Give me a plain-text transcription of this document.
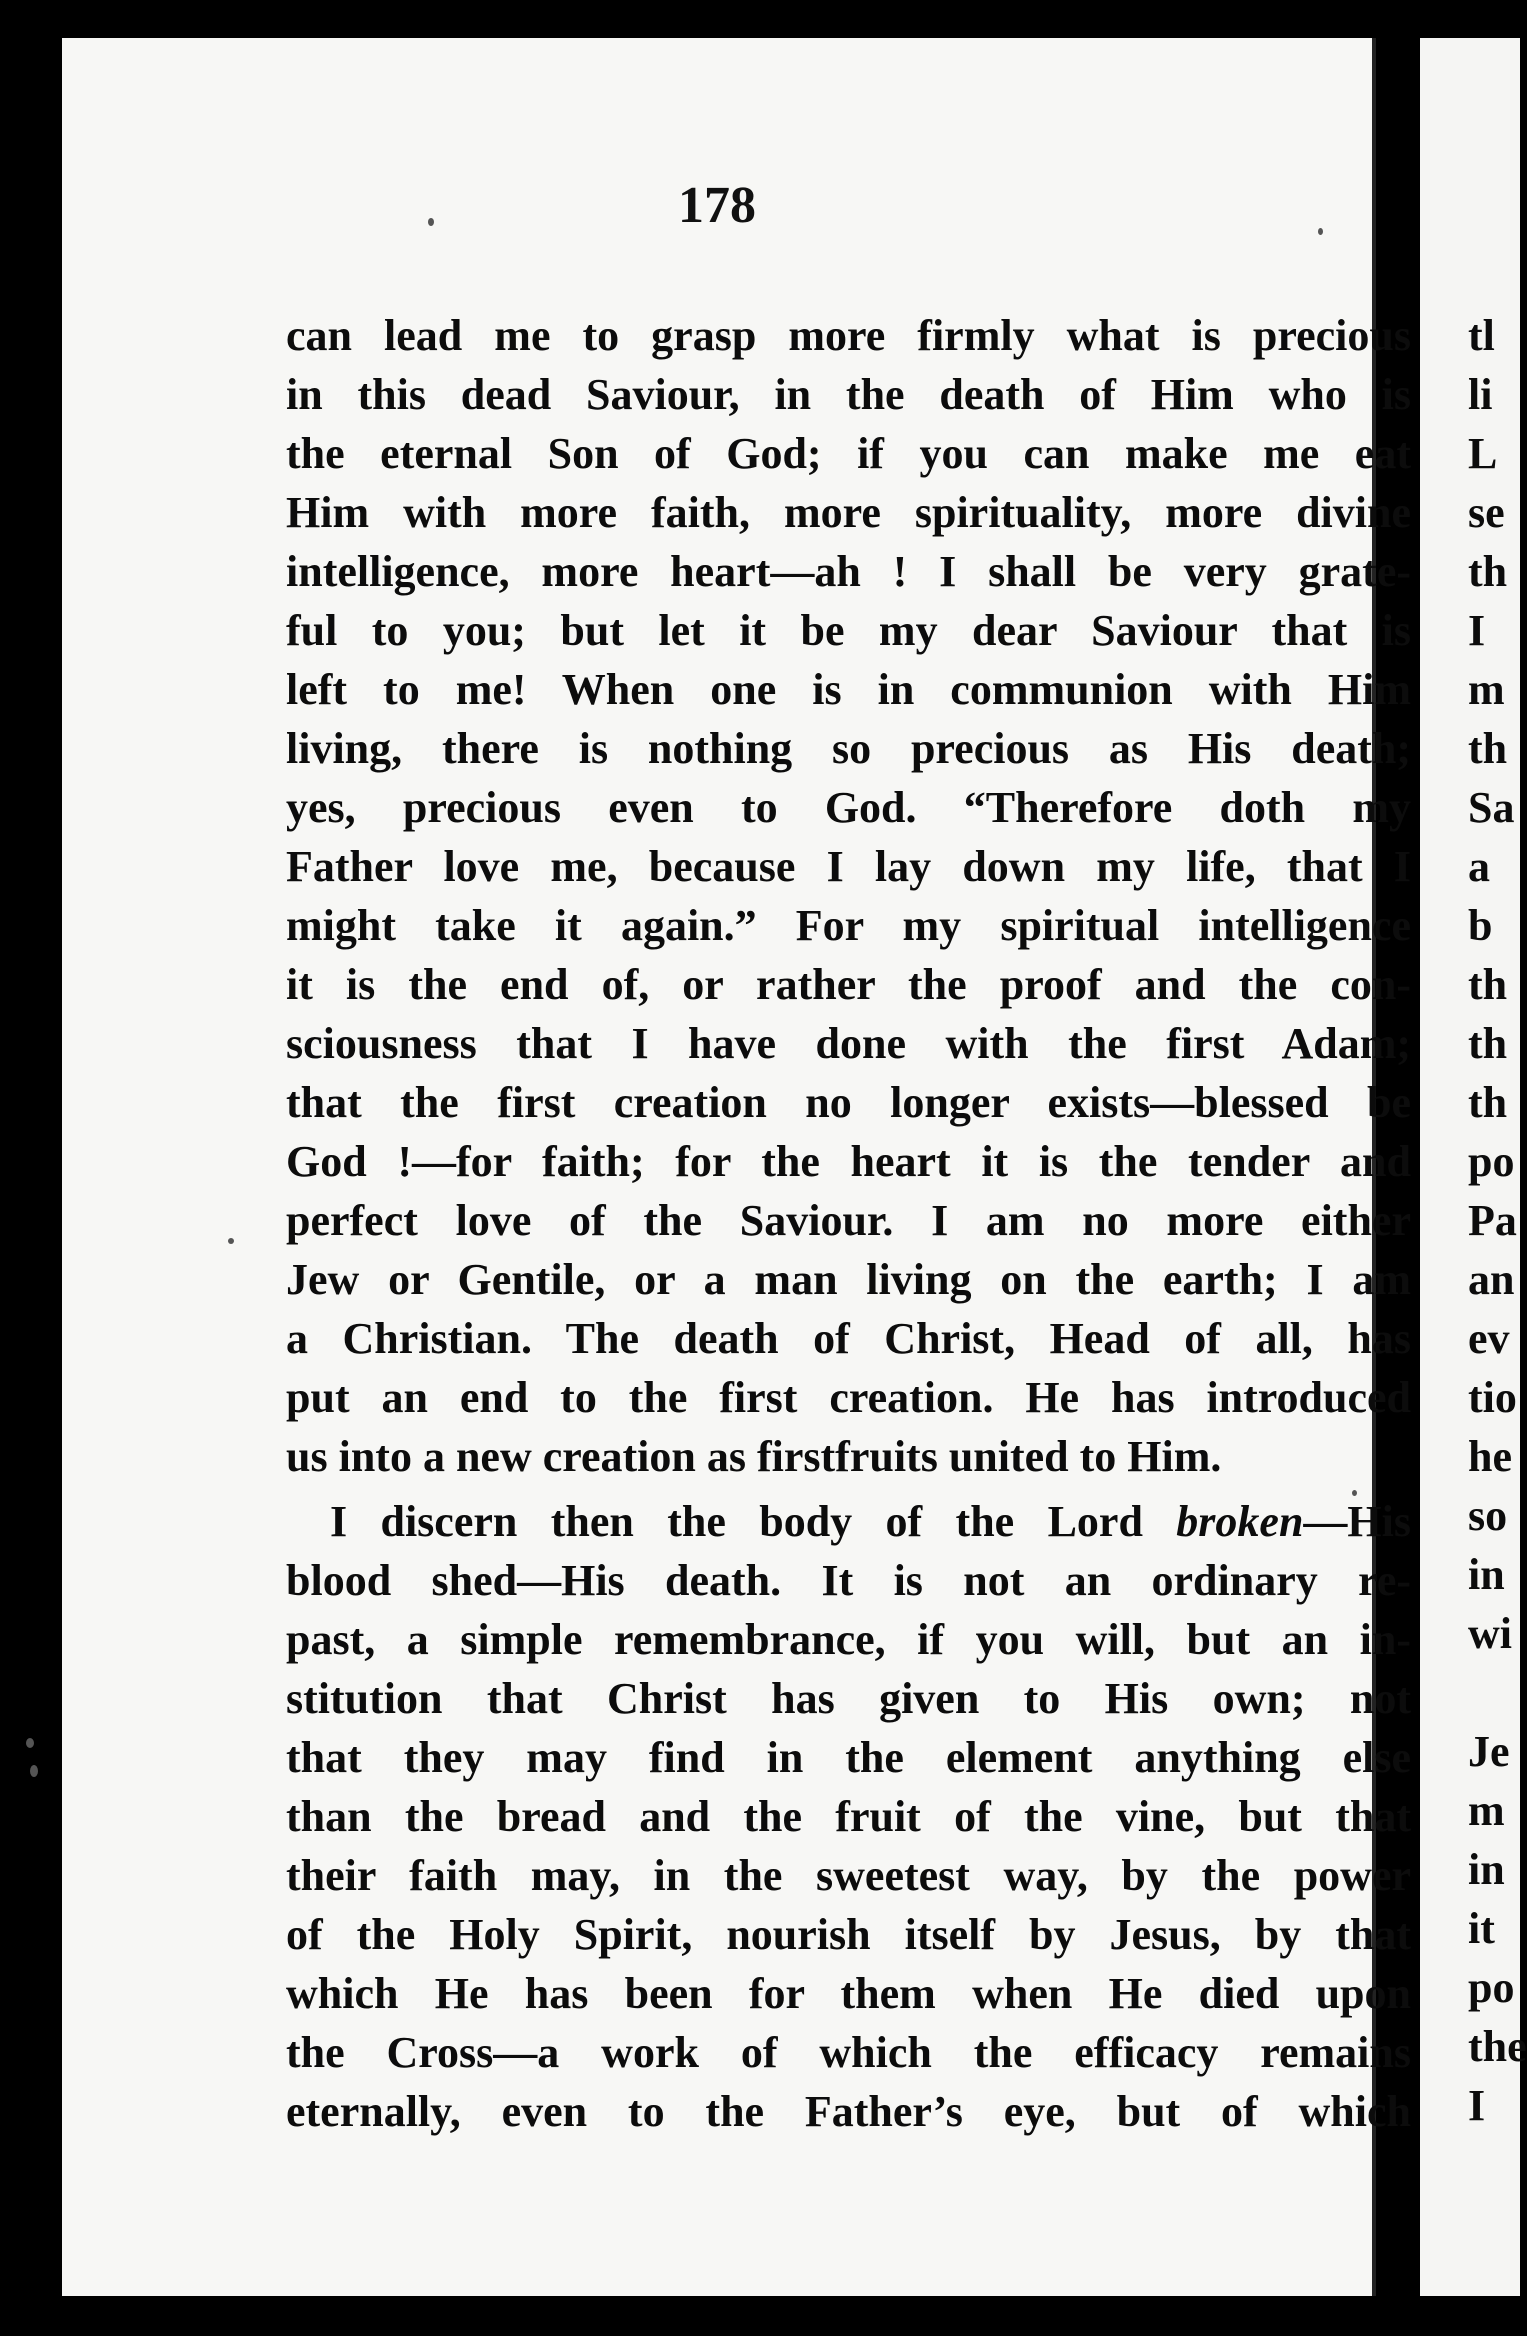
178
can lead me to grasp more firmly what is precious
in this dead Saviour, in the death of Him who is
the eternal Son of God; if you can make me eat
Him with more faith, more spirituality, more divine
intelligence, more heart—ah ! I shall be very grate-
ful to you; but let it be my dear Saviour that is
left to me! When one is in communion with Him
living, there is nothing so precious as His death;
yes, precious even to God. “Therefore doth my
Father love me, because I lay down my life, that I
might take it again.” For my spiritual intelligence
it is the end of, or rather the proof and the con-
sciousness that I have done with the first Adam;
that the first creation no longer exists—blessed be
God !—for faith; for the heart it is the tender and
perfect love of the Saviour. I am no more either
Jew or Gentile, or a man living on the earth; I am
a Christian. The death of Christ, Head of all, has
put an end to the first creation. He has introduced
us into a new creation as firstfruits united to Him.
I discern then the body of the Lord broken—His
blood shed—His death. It is not an ordinary re-
past, a simple remembrance, if you will, but an in-
stitution that Christ has given to His own; not
that they may find in the element anything else
than the bread and the fruit of the vine, but that
their faith may, in the sweetest way, by the power
of the Holy Spirit, nourish itself by Jesus, by that
which He has been for them when He died upon
the Cross—a work of which the efficacy remains
eternally, even to the Father’s eye, but of which
tl
li
L
se
th
I
m
th
Sa
a
b
th
th
th
po
Pa
an
ev
tio
he
so
in
wi
Je
m
in
it
po
the
I
